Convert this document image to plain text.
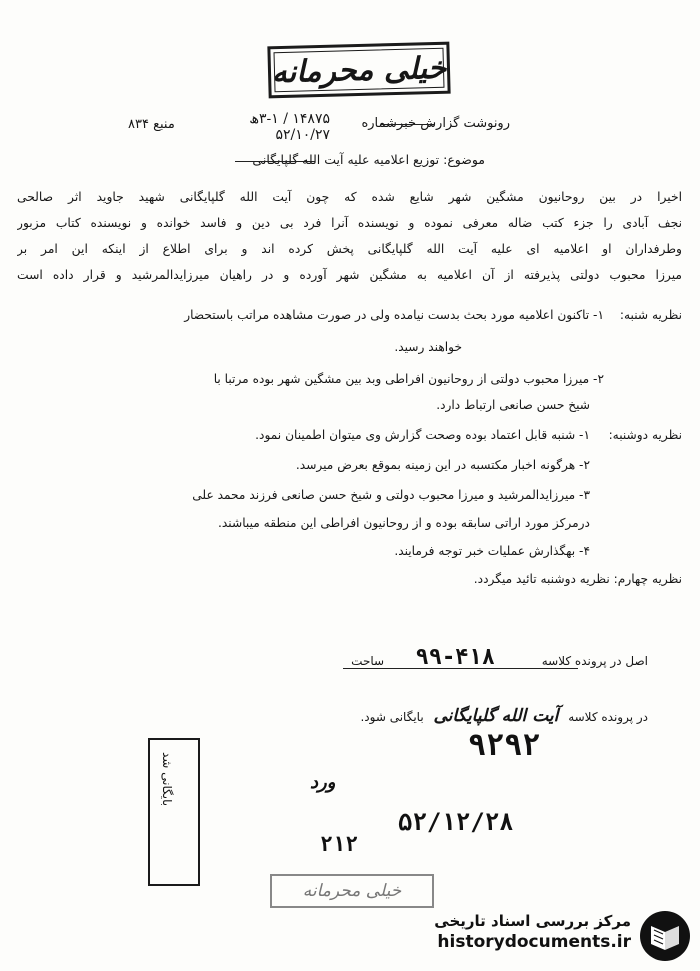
خیلی محرمانه
رونوشت گزارش خبرشماره
۱۴۸۷۵ / ۳-۱ھ
۵۲/۱۰/۲۷
منبع ۸۳۴
موضوع: توزیع اعلامیه علیه آیت الله گلپایگانی
اخیرا در بین روحانیون مشگین شهر شایع شده که چون آیت الله گلپایگانی شهید جاوید اثر صالحی
نجف آبادی را جزء کتب ضاله معرفی نموده و نویسنده آنرا فرد بی دین و فاسد خوانده و نویسنده کتاب مزبور
وطرفداران او اعلامیه ای علیه آیت الله گلپایگانی پخش کرده اند و برای اطلاع از اینکه این امر بر
میرزا محبوب دولتی پذیرفته از آن اعلامیه به مشگین شهر آورده و در راهیان میرزایدالمرشید و قرار داده است
نظریه شنبه:
۱- تاکنون اعلامیه مورد بحث بدست نیامده ولی در صورت مشاهده مراتب باستحضار
خواهند رسید.
۲- میرزا محبوب دولتی از روحانیون افراطی وبد بین مشگین شهر بوده مرتبا با
شیخ حسن صانعی ارتباط دارد.
نظریه دوشنبه:
۱- شنبه قابل اعتماد بوده وصحت گزارش وی میتوان اطمینان نمود.
۲- هرگونه اخبار مکتسبه در این زمینه بموقع بعرض میرسد.
۳- میرزایدالمرشید و میرزا محبوب دولتی و شیخ حسن صانعی فرزند محمد علی
درمرکز مورد اراتی سابقه بوده و از روحانیون افراطی این منطقه میباشند.
۴- بهگذارش عملیات خبر توجه فرمایند.
نظریه چهارم: نظریه دوشنبه تائید میگردد.
اصل در پرونده کلاسه  ساحت	۹۹-۴۱۸
در پرونده کلاسه آیت الله گلپایگانی بایگانی شود.
۹۲۹۲
ورد
۵۲/۱۲/۲۸
۲۱۲
بایگانی شد
خیلی محرمانه
مرکز بررسی اسناد تاریخی
historydocuments.ir
